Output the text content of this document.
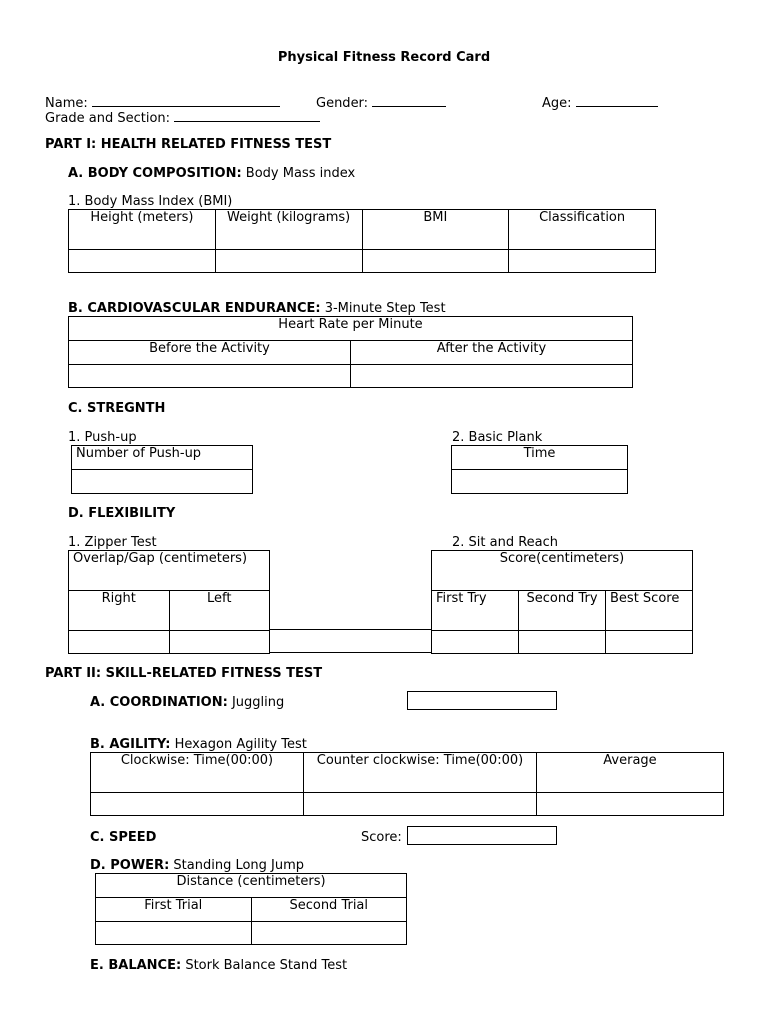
Physical Fitness Record Card
Name:	Gender:	Age:
Grade and Section:
PART I: HEALTH RELATED FITNESS TEST
A. BODY COMPOSITION: Body Mass index
1. Body Mass Index (BMI)
Height (meters)	Weight (kilograms)	BMI	Classification

B. CARDIOVASCULAR ENDURANCE: 3-Minute Step Test
Heart Rate per Minute	
Before the Activity	After the Activity

C. STREGNTH
1. Push-up
Number of Push-up

2. Basic Plank
Time

D. FLEXIBILITY
1. Zipper Test	2. Sit and Reach
Overlap/Gap (centimeters)	
Right	Left

Score(centimeters)		
First Try	Second Try	Best Score

PART II: SKILL-RELATED FITNESS TEST
A. COORDINATION: Juggling
B. AGILITY: Hexagon Agility Test
Clockwise: Time(00:00)	Counter clockwise: Time(00:00)	Average

C. SPEED	Score:
D. POWER: Standing Long Jump
Distance (centimeters)	
First Trial	Second Trial

E. BALANCE: Stork Balance Stand Test
